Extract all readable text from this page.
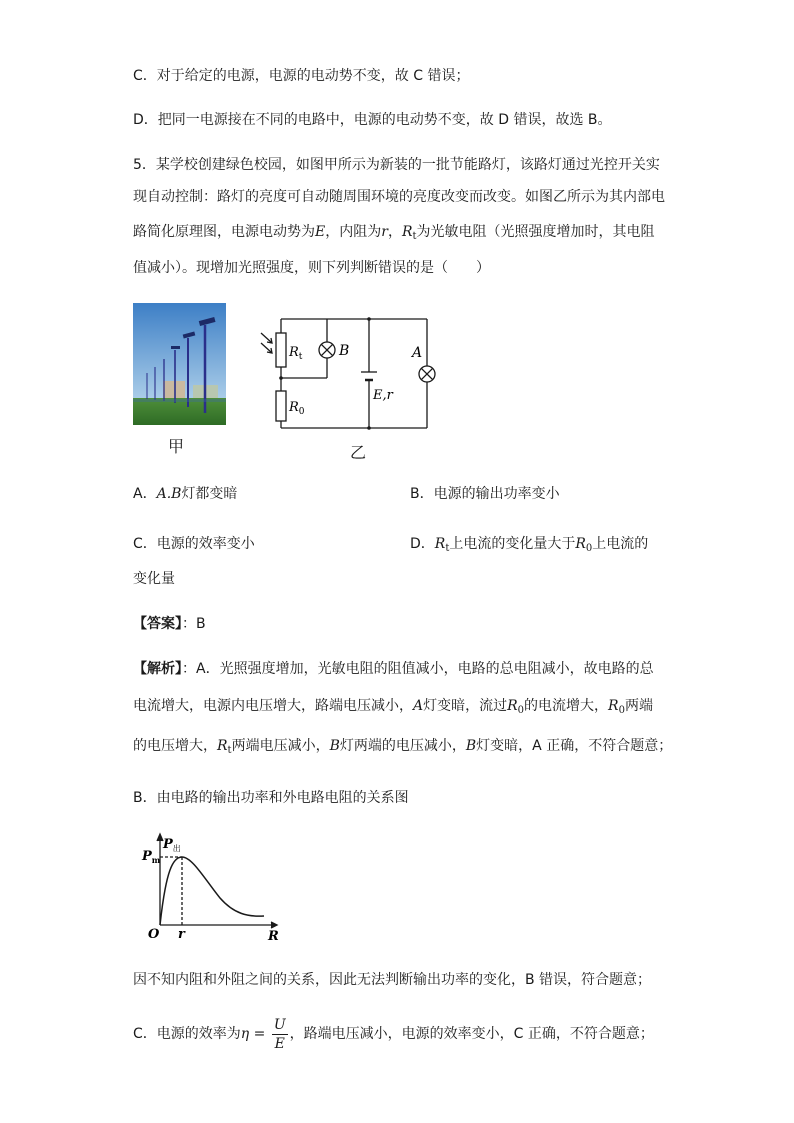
C．对于给定的电源，电源的电动势不变，故 C 错误；
D．把同一电源接在不同的电路中，电源的电动势不变，故 D 错误，故选 B。
5．某学校创建绿色校园，如图甲所示为新装的一批节能路灯，该路灯通过光控开关实
现自动控制：路灯的亮度可自动随周围环境的亮度改变而改变。如图乙所示为其内部电
路简化原理图，电源电动势为E，内阻为r，$R_t$为光敏电阻（光照强度增加时，其电阻
值减小）。现增加光照强度，则下列判断错误的是（　　）
甲
$R_t$
$R_0$
B	A
E,r
乙
A．A.B灯都变暗	B．电源的输出功率变小
C．电源的效率变小	D．$R_t$上电流的变化量大于$R_0$上电流的
变化量
【答案】：B
【解析】：A．光照强度增加，光敏电阻的阻值减小，电路的总电阻减小，故电路的总
电流增大，电源内电压增大，路端电压减小，A灯变暗，流过$R_0$的电流增大，$R_0$两端
的电压增大，$R_t$两端电压减小，B灯两端的电压减小，B灯变暗，A 正确，不符合题意；
B．由电路的输出功率和外电路电阻的关系图
$P_出$
$P_m$
O r	R
因不知内阻和外阻之间的关系，因此无法判断输出功率的变化，B 错误，符合题意；
C．电源的效率为$\eta = \frac{U}{E}$ ，路端电压减小，电源的效率变小，C 正确，不符合题意；
